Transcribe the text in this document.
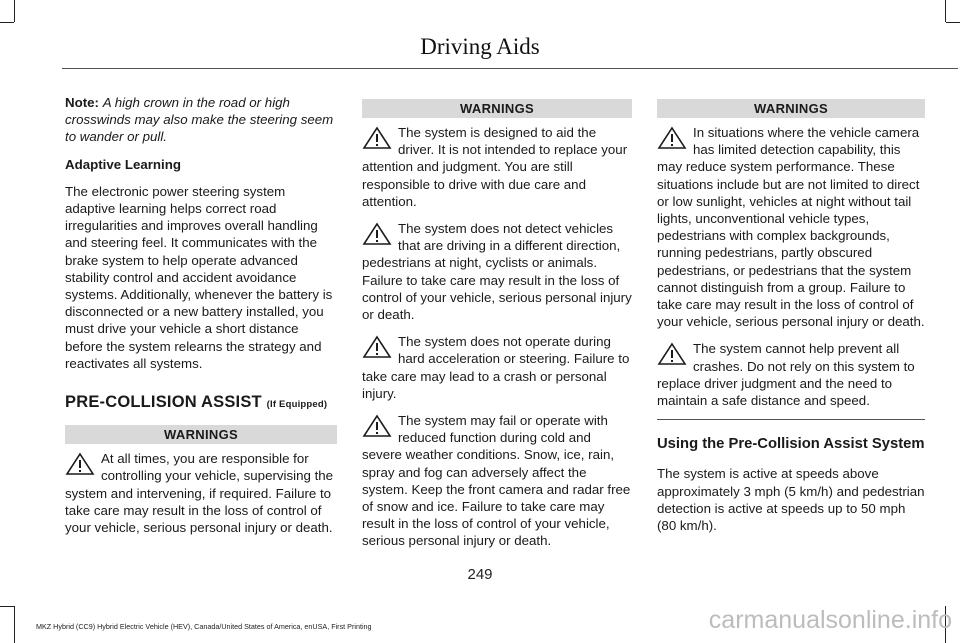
Driving Aids

Note: A high crown in the road or high crosswinds may also make the steering seem to wander or pull.

Adaptive Learning

The electronic power steering system adaptive learning helps correct road irregularities and improves overall handling and steering feel. It communicates with the brake system to help operate advanced stability control and accident avoidance systems. Additionally, whenever the battery is disconnected or a new battery installed, you must drive your vehicle a short distance before the system relearns the strategy and reactivates all systems.

PRE-COLLISION ASSIST (If Equipped)

WARNINGS
At all times, you are responsible for controlling your vehicle, supervising the system and intervening, if required. Failure to take care may result in the loss of control of your vehicle, serious personal injury or death.
WARNINGS
The system is designed to aid the driver. It is not intended to replace your attention and judgment. You are still responsible to drive with due care and attention.
The system does not detect vehicles that are driving in a different direction, pedestrians at night, cyclists or animals. Failure to take care may result in the loss of control of your vehicle, serious personal injury or death.
The system does not operate during hard acceleration or steering. Failure to take care may lead to a crash or personal injury.
The system may fail or operate with reduced function during cold and severe weather conditions. Snow, ice, rain, spray and fog can adversely affect the system. Keep the front camera and radar free of snow and ice. Failure to take care may result in the loss of control of your vehicle, serious personal injury or death.
WARNINGS
In situations where the vehicle camera has limited detection capability, this may reduce system performance. These situations include but are not limited to direct or low sunlight, vehicles at night without tail lights, unconventional vehicle types, pedestrians with complex backgrounds, running pedestrians, partly obscured pedestrians, or pedestrians that the system cannot distinguish from a group. Failure to take care may result in the loss of control of your vehicle, serious personal injury or death.
The system cannot help prevent all crashes. Do not rely on this system to replace driver judgment and the need to maintain a safe distance and speed.

Using the Pre-Collision Assist System

The system is active at speeds above approximately 3 mph (5 km/h) and pedestrian detection is active at speeds up to 50 mph (80 km/h).

249
MKZ Hybrid (CC9) Hybrid Electric Vehicle (HEV), Canada/United States of America, enUSA, First Printing	carmanualsonline.info
